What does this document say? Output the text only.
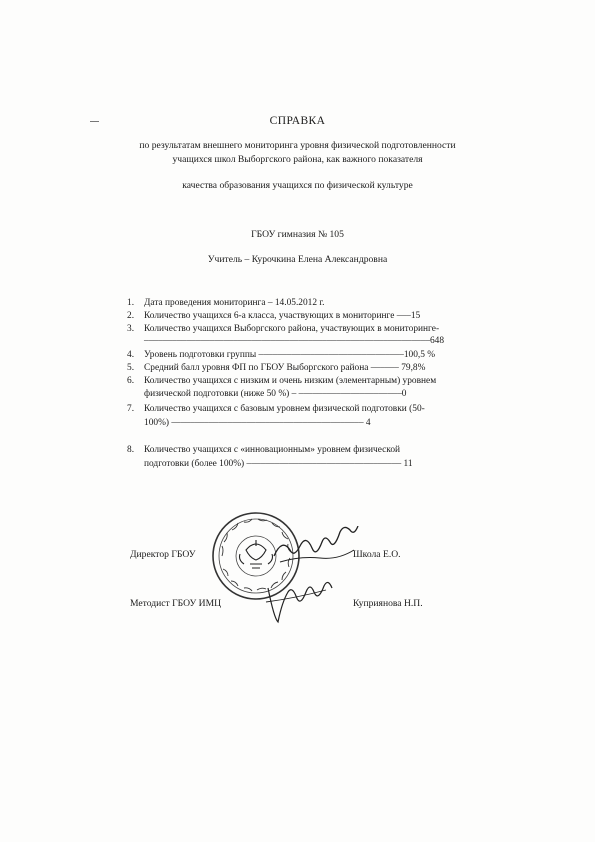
СПРАВКА
по результатам внешнего мониторинга уровня физической подготовленности
учащихся школ Выборгского района, как важного показателя
качества образования учащихся по физической культуре
ГБОУ гимназия № 105
Учитель – Курочкина Елена Александровна
1. Дата проведения мониторинга – 14.05.2012 г.
2. Количество учащихся 6-а класса, участвующих в мониторинге –––15
3. Количество учащихся Выборгского района, участвующих в мониторинге-
–––––––––––––––––––––––––––––––––––––––––––––––––––––––––––––648
4. Уровень подготовки группы –––––––––––––––––––––––––––––––100,5 %
5. Средний балл уровня ФП по ГБОУ Выборгского района –––––– 79,8%
6. Количество учащихся с низким и очень низким (элементарным) уровнем
физической подготовки (ниже 50 %) – ––––––––––––––––––––––0
7. Количество учащихся с базовым уровнем физической подготовки (50-
100%) ––––––––––––––––––––––––––––––––––––––––– 4
8. Количество учащихся с «инновационным» уровнем физической
подготовки (более 100%) ––––––––––––––––––––––––––––––––– 11
Директор ГБОУ	Школа Е.О.
Методист ГБОУ ИМЦ	Куприянова Н.П.
